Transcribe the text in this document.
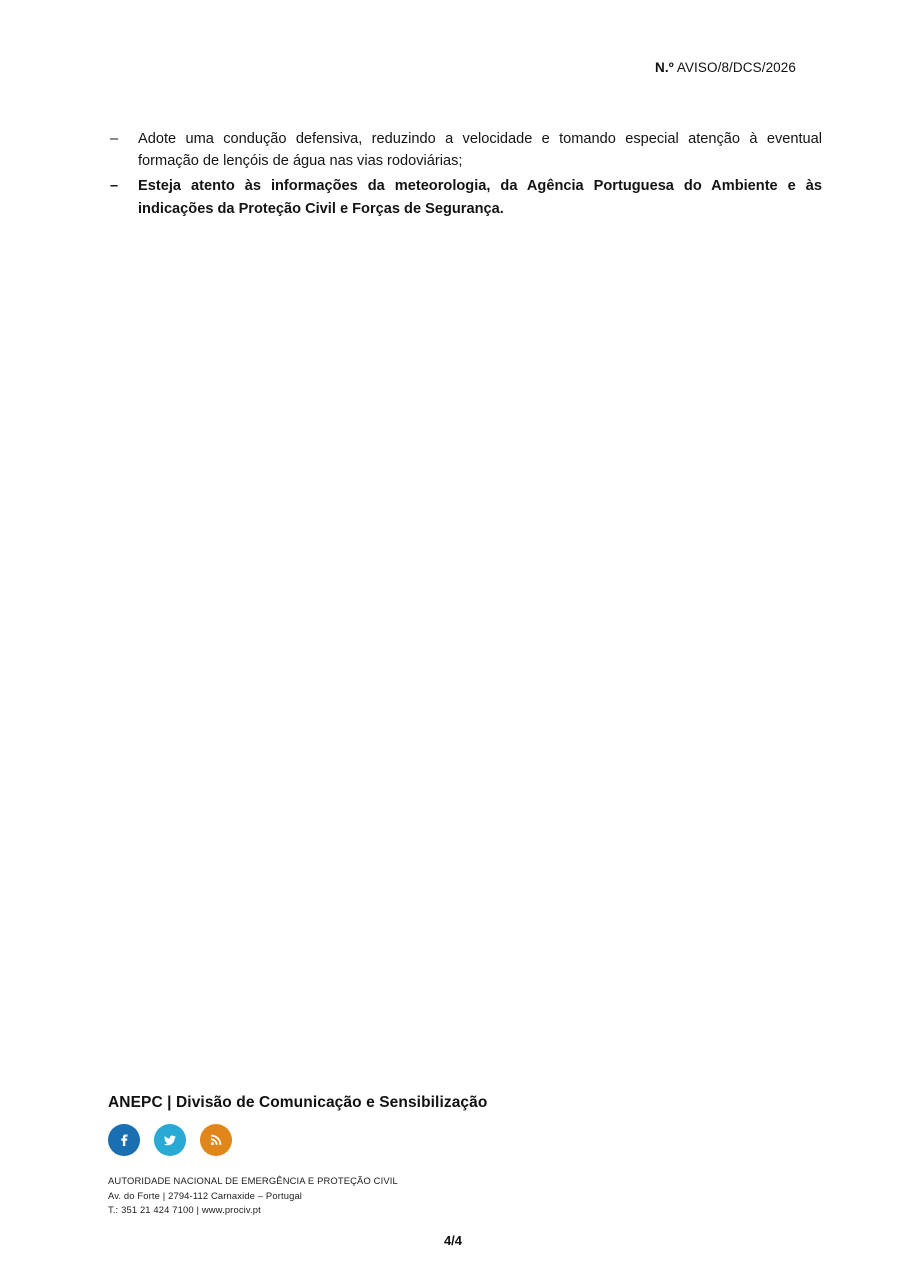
N.º AVISO/8/DCS/2026
– Adote uma condução defensiva, reduzindo a velocidade e tomando especial atenção à eventual formação de lençóis de água nas vias rodoviárias;
– Esteja atento às informações da meteorologia, da Agência Portuguesa do Ambiente e às indicações da Proteção Civil e Forças de Segurança.
ANEPC | Divisão de Comunicação e Sensibilização
AUTORIDADE NACIONAL DE EMERGÊNCIA E PROTEÇÃO CIVIL
Av. do Forte | 2794-112 Carnaxide – Portugal
T.: 351 21 424 7100 | www.prociv.pt
4/4
